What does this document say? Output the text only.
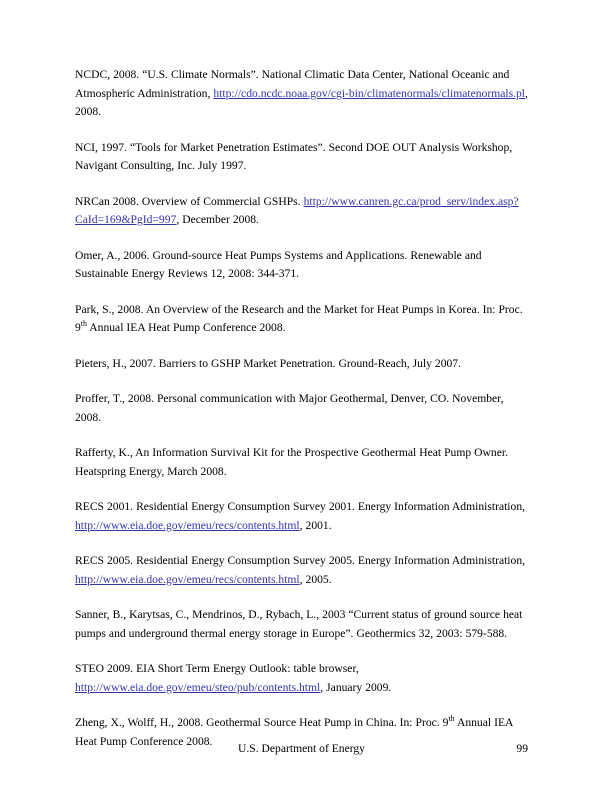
NCDC, 2008. “U.S. Climate Normals”. National Climatic Data Center, National Oceanic and Atmospheric Administration, http://cdo.ncdc.noaa.gov/cgi-bin/climatenormals/climatenormals.pl, 2008.

NCI, 1997. “Tools for Market Penetration Estimates”. Second DOE OUT Analysis Workshop, Navigant Consulting, Inc. July 1997.

NRCan 2008. Overview of Commercial GSHPs. http://www.canren.gc.ca/prod_serv/index.asp?CaId=169&PgId=997, December 2008.

Omer, A., 2006. Ground-source Heat Pumps Systems and Applications. Renewable and Sustainable Energy Reviews 12, 2008: 344-371.

Park, S., 2008. An Overview of the Research and the Market for Heat Pumps in Korea. In: Proc. 9th Annual IEA Heat Pump Conference 2008.

Pieters, H., 2007. Barriers to GSHP Market Penetration. Ground-Reach, July 2007.

Proffer, T., 2008. Personal communication with Major Geothermal, Denver, CO. November, 2008.

Rafferty, K., An Information Survival Kit for the Prospective Geothermal Heat Pump Owner. Heatspring Energy, March 2008.

RECS 2001. Residential Energy Consumption Survey 2001. Energy Information Administration, http://www.eia.doe.gov/emeu/recs/contents.html, 2001.

RECS 2005. Residential Energy Consumption Survey 2005. Energy Information Administration, http://www.eia.doe.gov/emeu/recs/contents.html, 2005.

Sanner, B., Karytsas, C., Mendrinos, D., Rybach, L., 2003 “Current status of ground source heat pumps and underground thermal energy storage in Europe”. Geothermics 32, 2003: 579-588.

STEO 2009. EIA Short Term Energy Outlook: table browser, http://www.eia.doe.gov/emeu/steo/pub/contents.html, January 2009.

Zheng, X., Wolff, H., 2008. Geothermal Source Heat Pump in China. In: Proc. 9th Annual IEA Heat Pump Conference 2008.

U.S. Department of Energy	99
